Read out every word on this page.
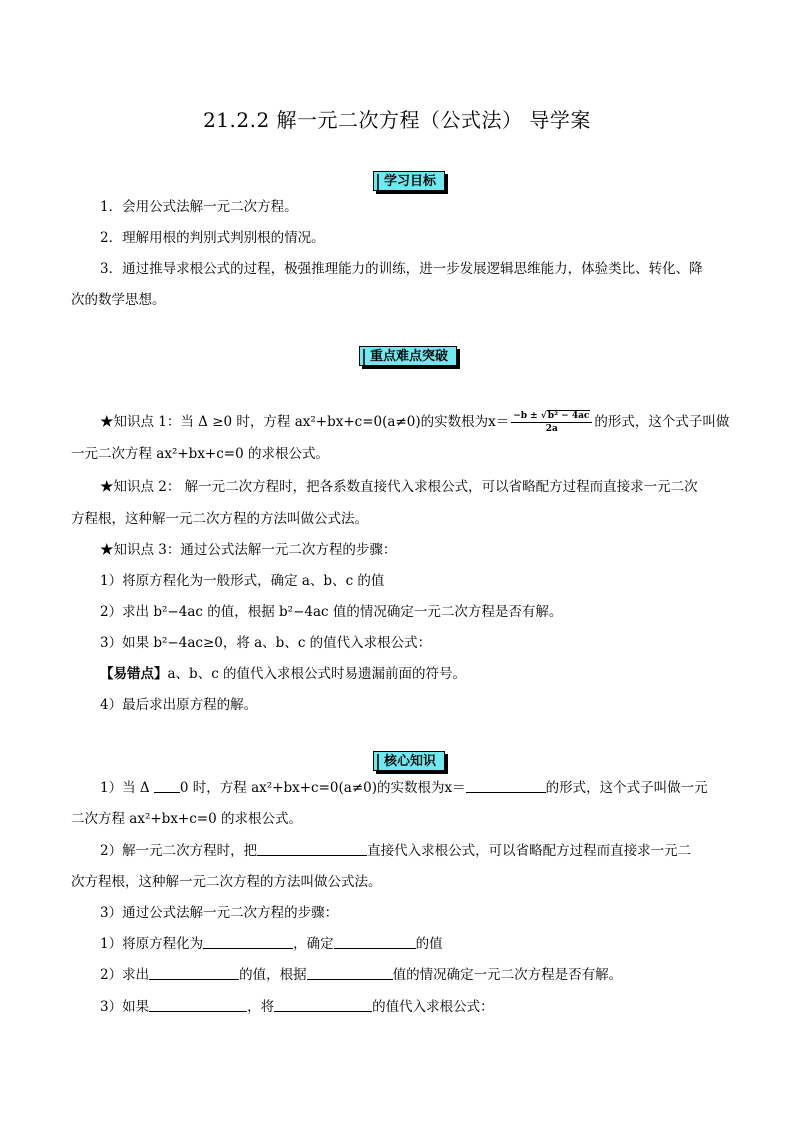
21.2.2 解一元二次方程（公式法） 导学案
学习目标
1．会用公式法解一元二次方程。
2．理解用根的判别式判别根的情况。
3．通过推导求根公式的过程，极强推理能力的训练，进一步发展逻辑思维能力，体验类比、转化、降
次的数学思想。
重点难点突破
★知识点 1：当 Δ ≥0 时，方程 ax²+bx+c=0(a≠0)的实数根为$x= \frac{\text{−b ± √b² − 4ac}}{2a}$ 的形式，这个式子叫做
一元二次方程 ax²+bx+c=0 的求根公式。
★知识点 2： 解一元二次方程时，把各系数直接代入求根公式，可以省略配方过程而直接求一元二次
方程根，这种解一元二次方程的方法叫做公式法。
★知识点 3：通过公式法解一元二次方程的步骤：
1）将原方程化为一般形式，确定 a、b、c 的值
2）求出 b²−4ac 的值，根据 b²−4ac 值的情况确定一元二次方程是否有解。
3）如果 b²−4ac≥0，将 a、b、c 的值代入求根公式：
【易错点】a、b、c 的值代入求根公式时易遗漏前面的符号。
4）最后求出原方程的解。
核心知识
1）当 Δ 0 时，方程 ax²+bx+c=0(a≠0)的实数根为x＝	的形式，这个式子叫做一元
二次方程 ax²+bx+c=0 的求根公式。
2）解一元二次方程时，把	直接代入求根公式，可以省略配方过程而直接求一元二
次方程根，这种解一元二次方程的方法叫做公式法。
3）通过公式法解一元二次方程的步骤：
1）将原方程化为	，确定	的值
2）求出	的值，根据	值的情况确定一元二次方程是否有解。
3）如果	，将	的值代入求根公式：
